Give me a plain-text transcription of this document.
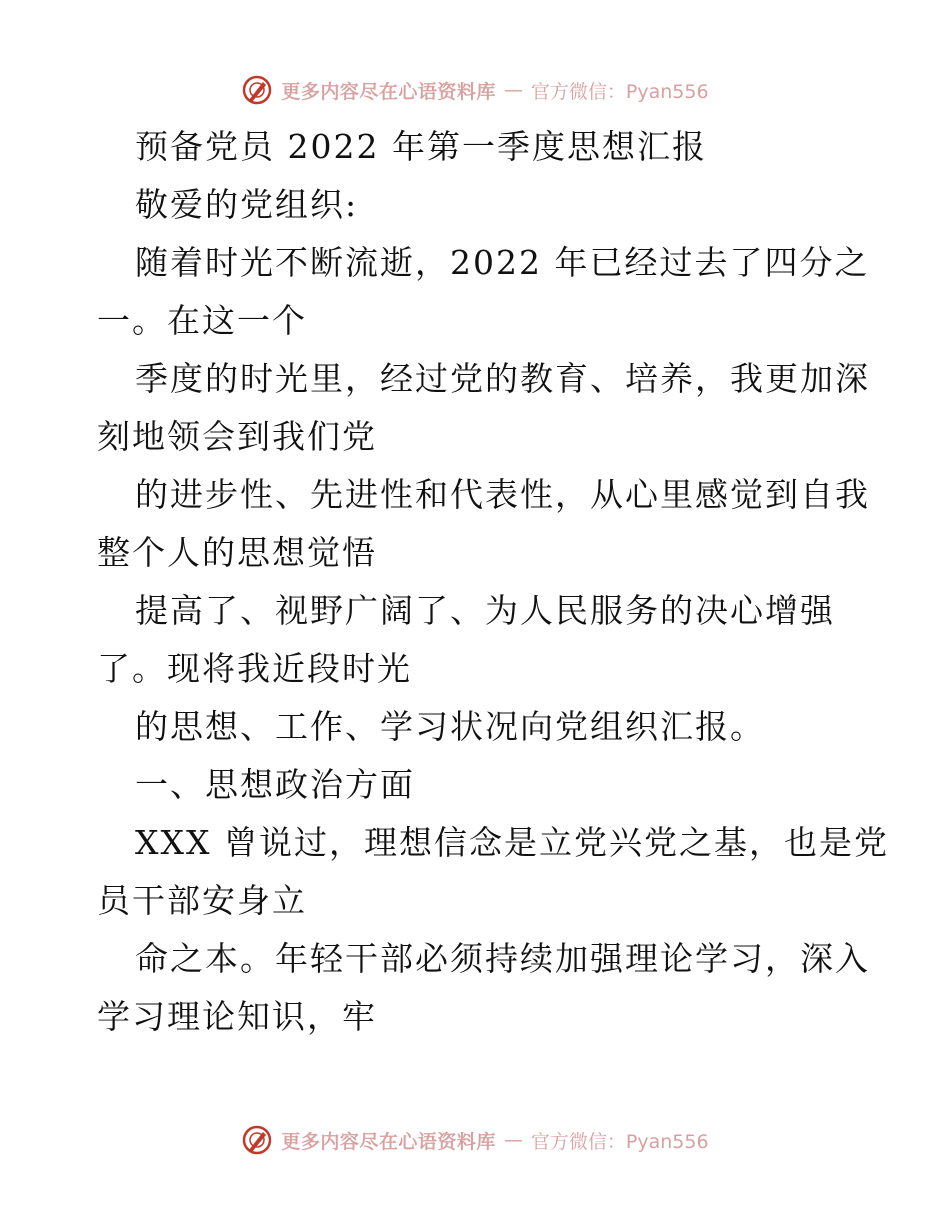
更多内容尽在心语资料库 — 官方微信：Pyan556
预备党员 2022 年第一季度思想汇报
敬爱的党组织:
随着时光不断流逝，2022 年已经过去了四分之
一。在这一个
季度的时光里，经过党的教育、培养，我更加深
刻地领会到我们党
的进步性、先进性和代表性，从心里感觉到自我
整个人的思想觉悟
提高了、视野广阔了、为人民服务的决心增强
了。现将我近段时光
的思想、工作、学习状况向党组织汇报。
一、思想政治方面
XXX 曾说过，理想信念是立党兴党之基，也是党
员干部安身立
命之本。年轻干部必须持续加强理论学习，深入
学习理论知识，牢
更多内容尽在心语资料库 — 官方微信：Pyan556
